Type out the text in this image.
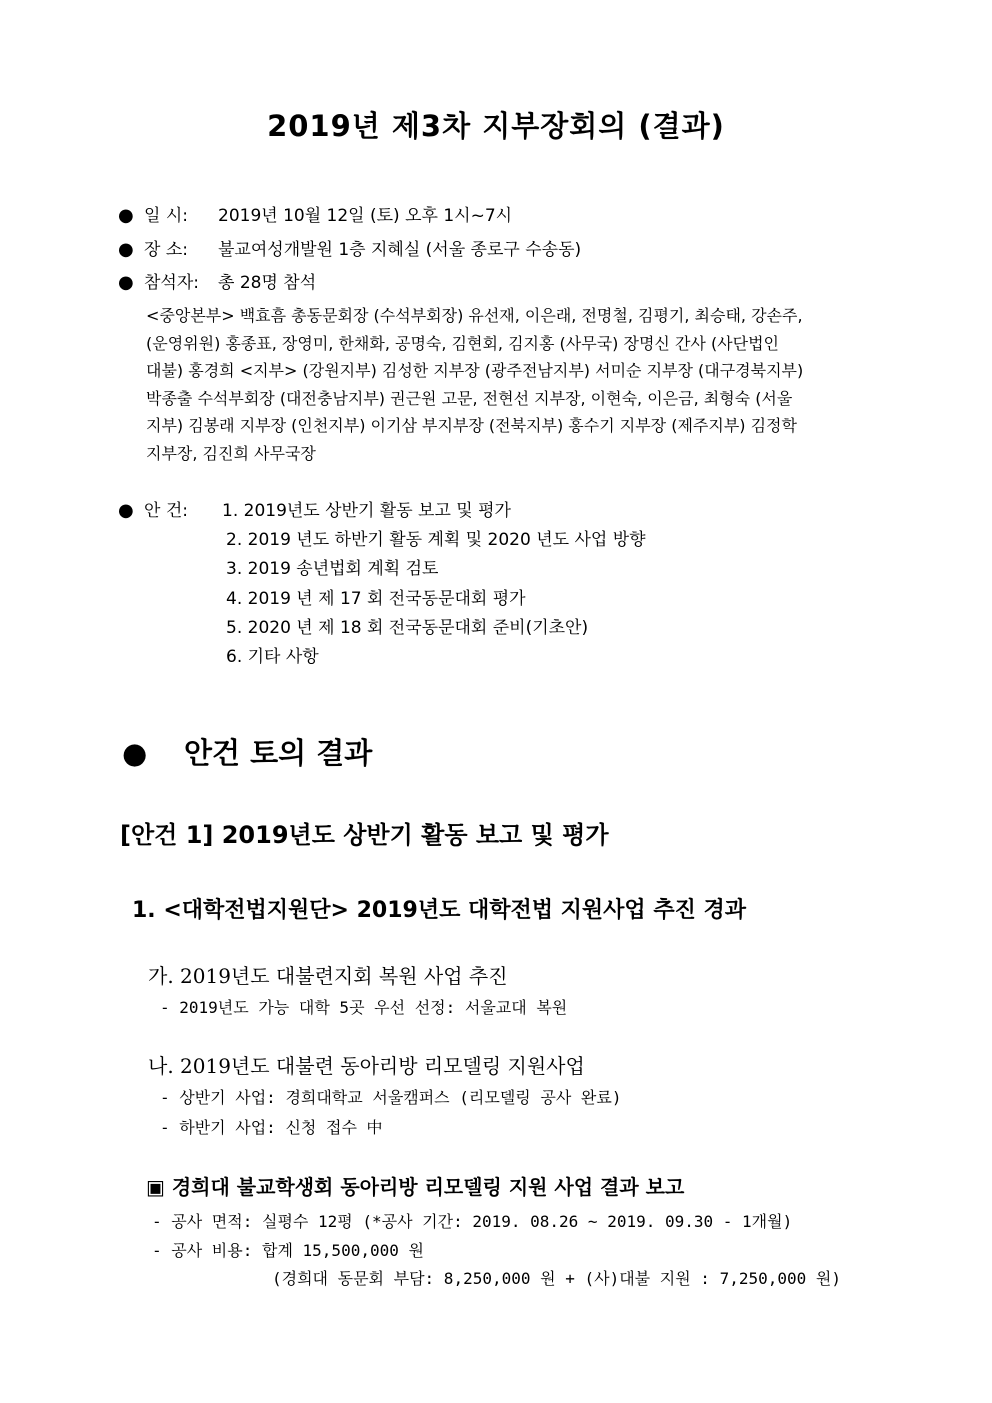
2019년 제3차 지부장회의 (결과)
● 일 시: 2019년 10월 12일 (토) 오후 1시~7시
● 장 소: 불교여성개발원 1층 지혜실 (서울 종로구 수송동)
● 참석자: 총 28명 참석
<중앙본부> 백효흠 총동문회장 (수석부회장) 유선재, 이은래, 전명철, 김평기, 최승태, 강손주,
(운영위원) 홍종표, 장영미, 한채화, 공명숙, 김현회, 김지홍 (사무국) 장명신 간사 (사단법인
대불) 홍경희 <지부> (강원지부) 김성한 지부장 (광주전남지부) 서미순 지부장 (대구경북지부)
박종출 수석부회장 (대전충남지부) 권근원 고문, 전현선 지부장, 이현숙, 이은금, 최형숙 (서울
지부) 김봉래 지부장 (인천지부) 이기삼 부지부장 (전북지부) 홍수기 지부장 (제주지부) 김정학
지부장, 김진희 사무국장
● 안 건: 1. 2019년도 상반기 활동 보고 및 평가
2. 2019 년도 하반기 활동 계획 및 2020 년도 사업 방향
3. 2019 송년법회 계획 검토
4. 2019 년 제 17 회 전국동문대회 평가
5. 2020 년 제 18 회 전국동문대회 준비(기초안)
6. 기타 사항
● 안건 토의 결과
[안건 1] 2019년도 상반기 활동 보고 및 평가
1. <대학전법지원단> 2019년도 대학전법 지원사업 추진 경과
가. 2019년도 대불련지회 복원 사업 추진
- 2019년도 가능 대학 5곳 우선 선정: 서울교대 복원
나. 2019년도 대불련 동아리방 리모델링 지원사업
- 상반기 사업: 경희대학교 서울캠퍼스 (리모델링 공사 완료)
- 하반기 사업: 신청 접수 中
▣ 경희대 불교학생회 동아리방 리모델링 지원 사업 결과 보고
- 공사 면적: 실평수 12평 (*공사 기간: 2019. 08.26 ~ 2019. 09.30 - 1개월)
- 공사 비용: 합계 15,500,000 원
(경희대 동문회 부담: 8,250,000 원 + (사)대불 지원 : 7,250,000 원)
